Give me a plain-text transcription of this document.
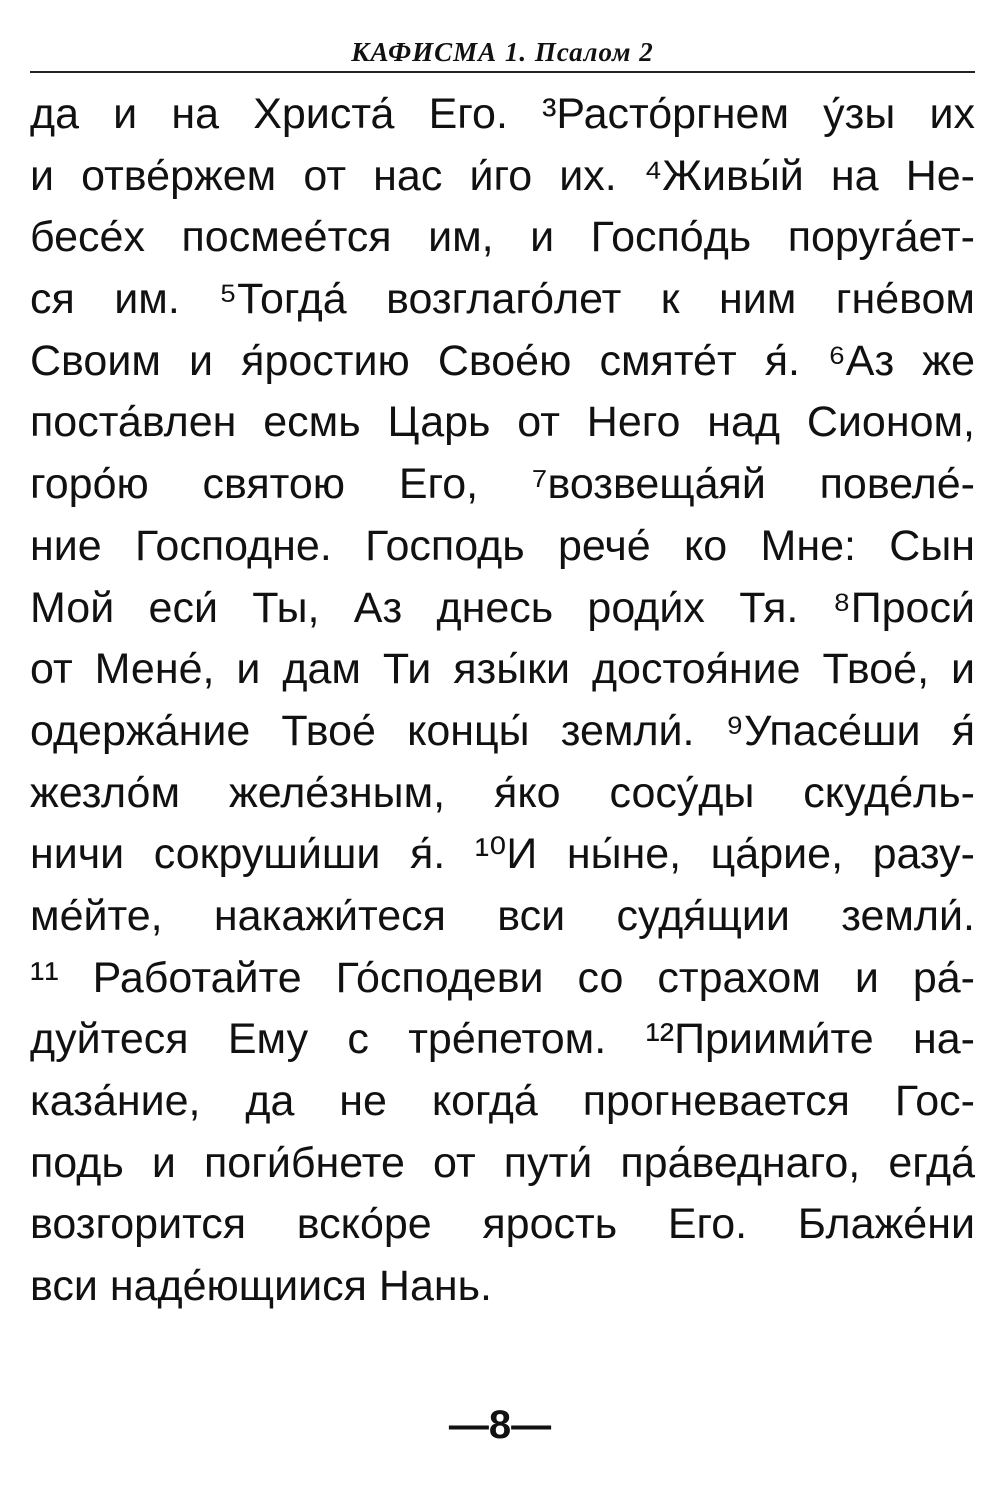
КАФИСМА 1. Псалом 2
да и на Христа́ Его. ³Расто́ргнем у́зы их
и отве́ржем от нас и́го их. ⁴Живы́й на Не-
бесе́х посмее́тся им, и Госпо́дь поруга́ет-
ся им. ⁵Тогда́ возглаго́лет к ним гне́вом
Своим и я́ростию Свое́ю смяте́т я́. ⁶Аз же
поста́влен есмь Царь от Него над Сионом,
горо́ю святою Его, ⁷возвеща́яй повеле́-
ние Господне. Господь рече́ ко Мне: Сын
Мой еси́ Ты, Аз днесь роди́х Тя. ⁸Проси́
от Мене́, и дам Ти язы́ки достоя́ние Твое́, и
одержа́ние Твое́ концы́ земли́. ⁹Упасе́ши я́
жезло́м желе́зным, я́ко сосу́ды скуде́ль-
ничи сокруши́ши я́. ¹⁰И ны́не, ца́рие, разу-
ме́йте, накажи́теся вси судя́щии земли́.
¹¹ Работайте Го́сподеви со страхом и ра́-
дуйтеся Ему с тре́петом. ¹²Приими́те на-
каза́ние, да не когда́ прогневается Гос-
подь и поги́бнете от пути́ пра́веднаго, егда́
возгорится вско́ре ярость Его. Блаже́ни
вси наде́ющиися Нань.
—8—
